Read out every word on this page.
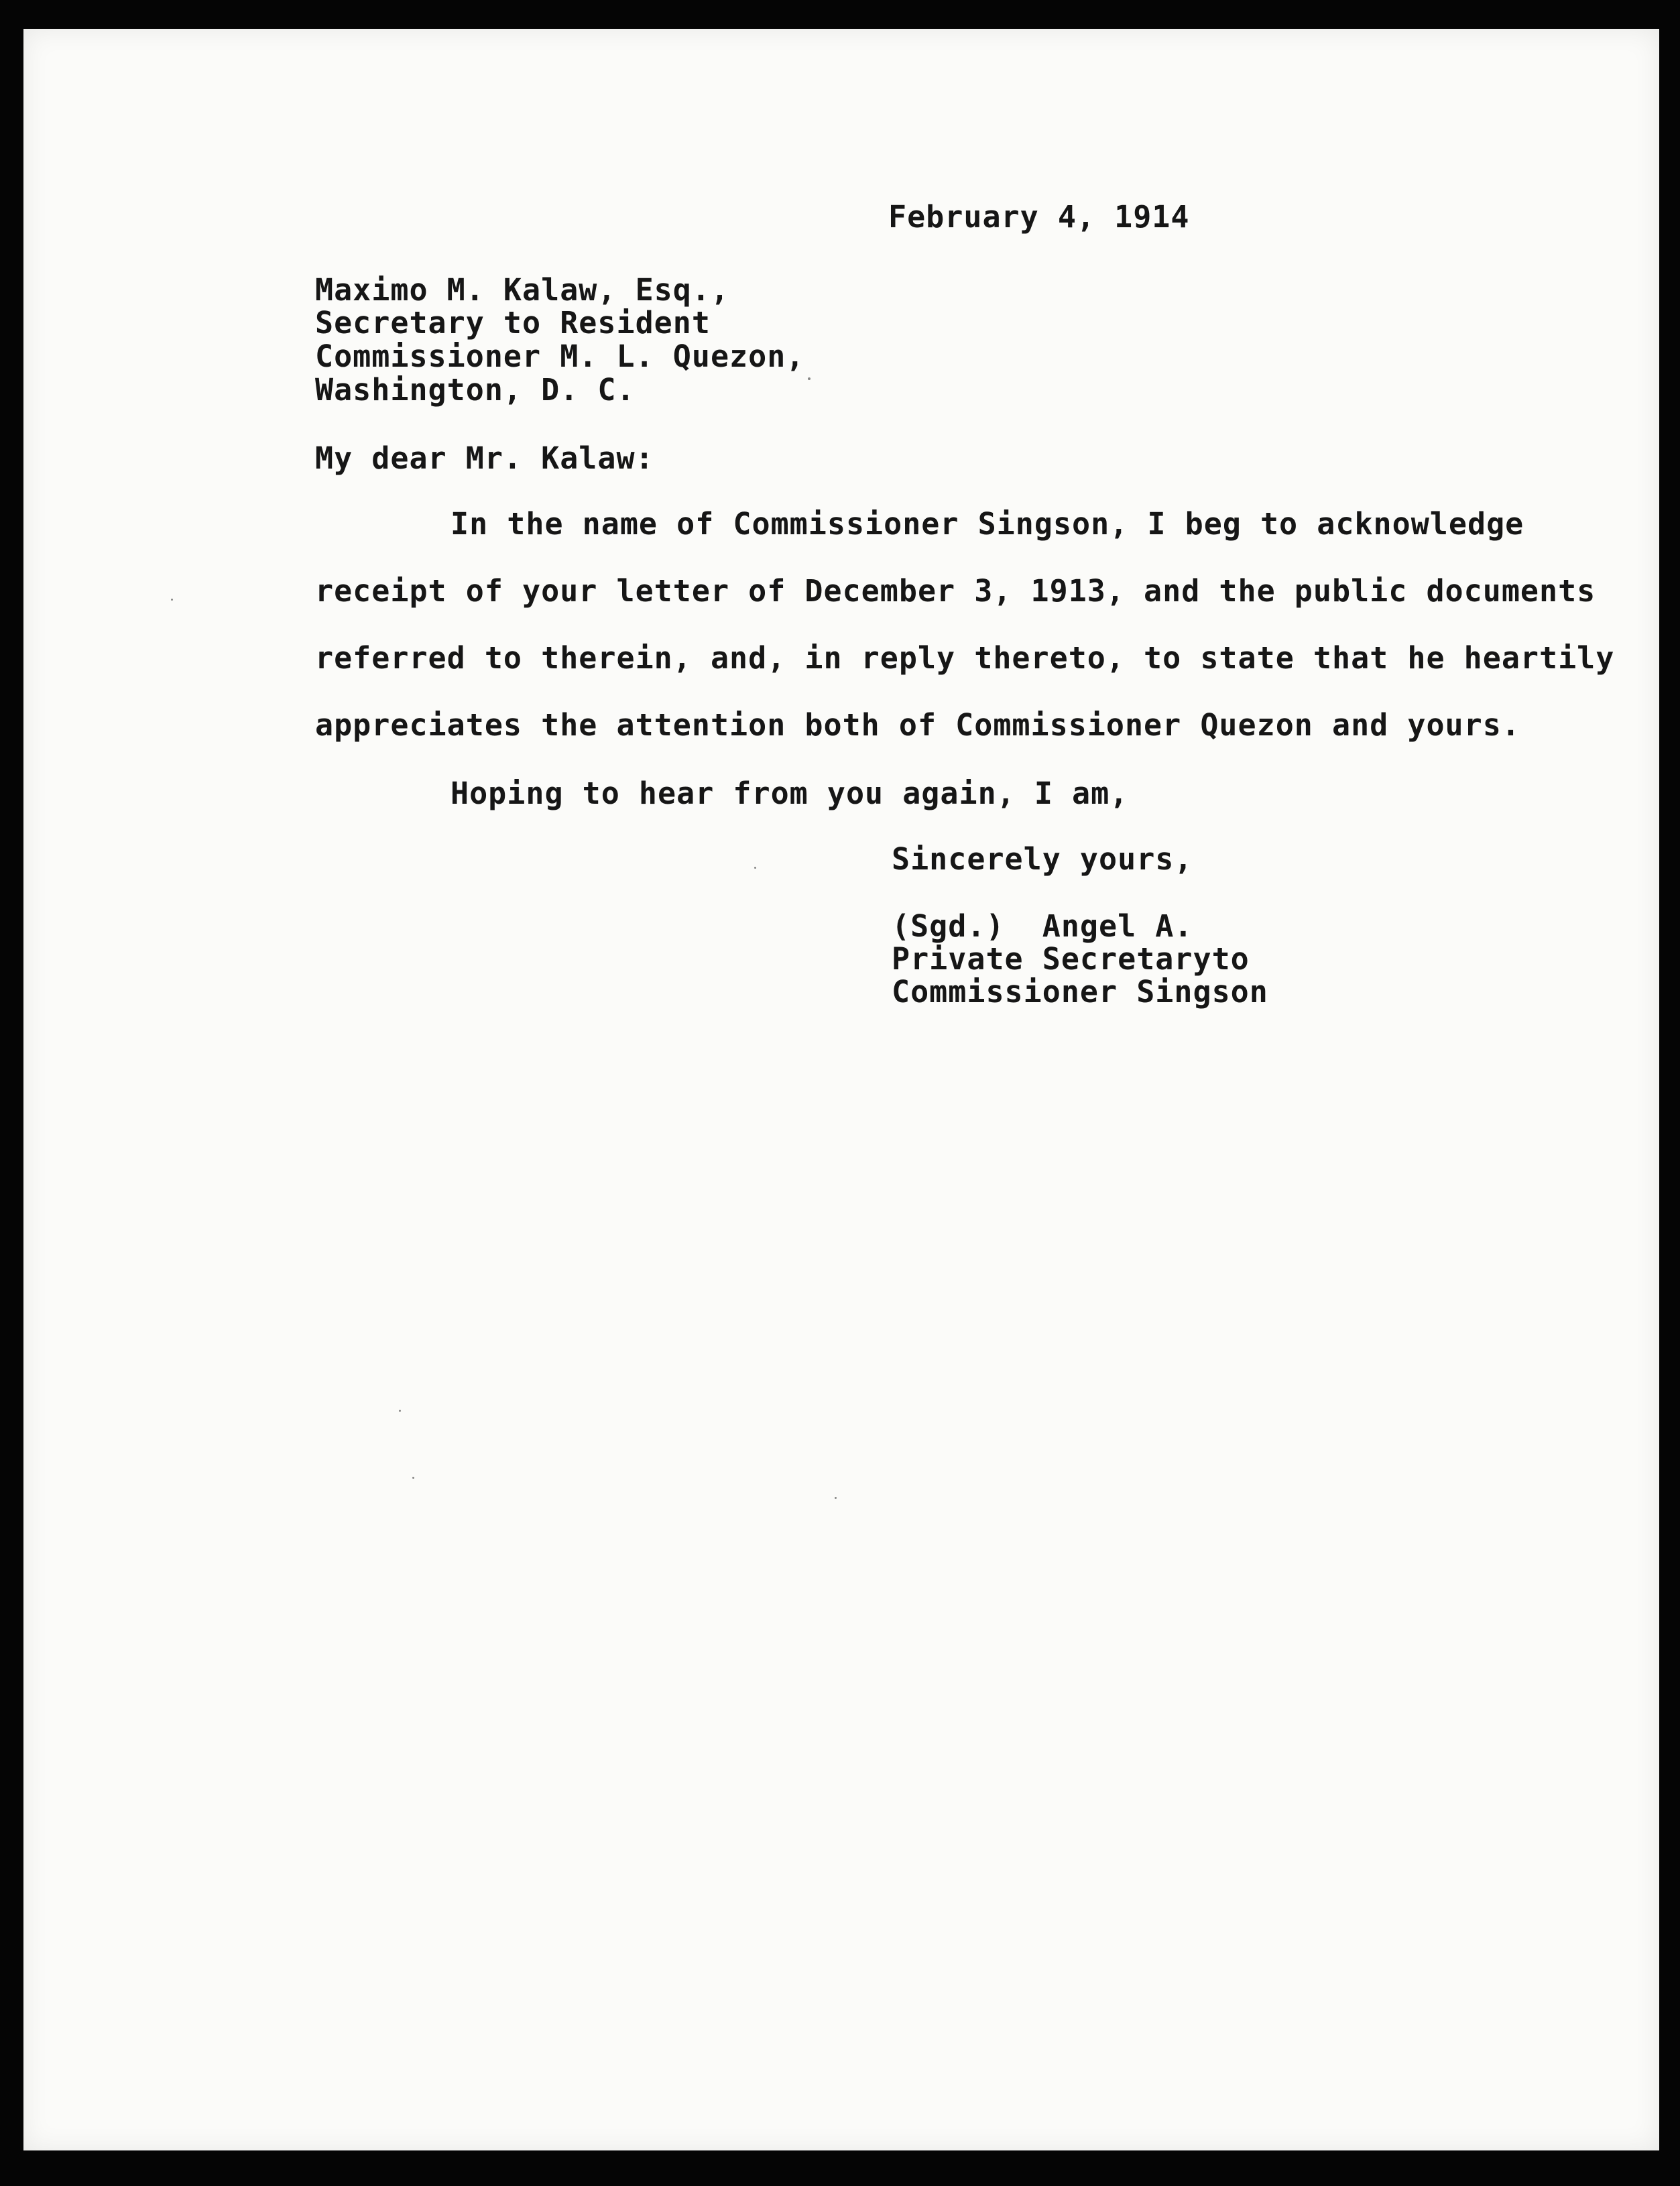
February 4, 1914
Maximo M. Kalaw, Esq.,
Secretary to Resident
Commissioner M. L. Quezon,
Washington, D. C.
My dear Mr. Kalaw:
In the name of Commissioner Singson, I beg to acknowledge
receipt of your letter of December 3, 1913, and the public documents
referred to therein, and, in reply thereto, to state that he heartily
appreciates the attention both of Commissioner Quezon and yours.
Hoping to hear from you again, I am,
Sincerely yours,
(Sgd.)  Angel A.
Private Secretaryto
Commissioner Singson
